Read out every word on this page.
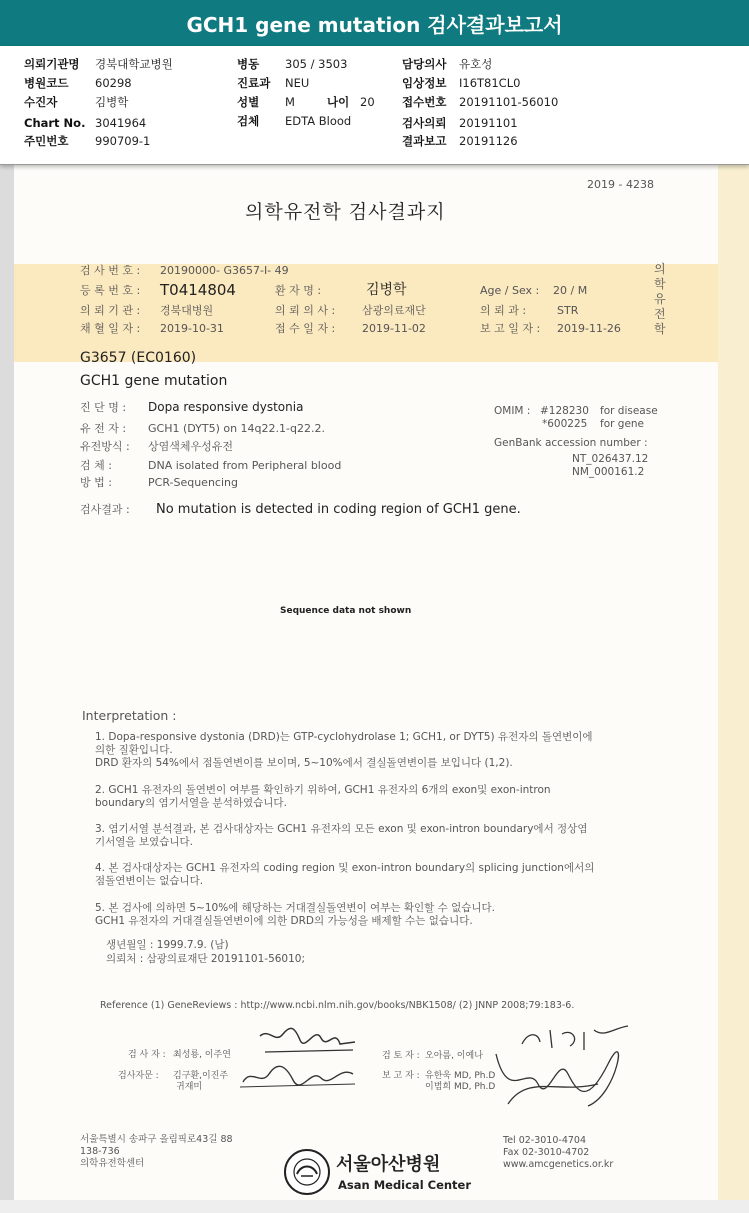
GCH1 gene mutation 검사결과보고서
의뢰기관명 경북대학교병원
병원코드 60298
수진자	김병학
Chart No. 3041964
주민번호 990709-1
병동 305 / 3503
진료과 NEU
성별 M	나이 20
검체 EDTA Blood
담당의사 유호성
임상정보 I16T81CL0
접수번호 20191101-56010
검사의뢰 20191101
결과보고 20191126
2019 - 4238
의학유전학 검사결과지
의학유전학
검 사 번 호 : 20190000- G3657-I- 49
등 록 번 호 : T0414804	환 자 명 :	김병학	Age / Sex : 20 / M
의 뢰 기 관 : 경북대병원	의 뢰 의 사 : 삼광의료재단	의 뢰 과 :	STR
채 혈 일 자 : 2019-10-31	접 수 일 자 : 2019-11-02	보 고 일 자 : 2019-11-26
G3657 (EC0160)
GCH1 gene mutation
진 단 명 : Dopa responsive dystonia
유 전 자 : GCH1 (DYT5) on 14q22.1-q22.2.
유전방식 : 상염색체우성유전
검 체 :	DNA isolated from Peripheral blood
방 법 :	PCR-Sequencing
OMIM : #128230 for disease
*600225 for gene
GenBank accession number :
NT_026437.12
NM_000161.2
검사결과 : No mutation is detected in coding region of GCH1 gene.
Sequence data not shown
Interpretation :
1. Dopa-responsive dystonia (DRD)는 GTP-cyclohydrolase 1; GCH1, or DYT5) 유전자의 돌연변이에
의한 질환입니다.
DRD 환자의 54%에서 점돌연변이를 보이며, 5~10%에서 결실돌연변이를 보입니다 (1,2).
2. GCH1 유전자의 돌연변이 여부를 확인하기 위하여, GCH1 유전자의 6개의 exon및 exon-intron
boundary의 염기서열을 분석하였습니다.
3. 염기서열 분석결과, 본 검사대상자는 GCH1 유전자의 모든 exon 및 exon-intron boundary에서 정상염
기서열을 보였습니다.
4. 본 검사대상자는 GCH1 유전자의 coding region 및 exon-intron boundary의 splicing junction에서의
점돌연변이는 없습니다.
5. 본 검사에 의하면 5~10%에 해당하는 거대결실돌연변이 여부는 확인할 수 없습니다.
GCH1 유전자의 거대결실돌연변이에 의한 DRD의 가능성을 배제할 수는 없습니다.
생년월일 : 1999.7.9. (남)
의뢰처 : 삼광의료재단 20191101-56010;
Reference (1) GeneReviews : http://www.ncbi.nlm.nih.gov/books/NBK1508/ (2) JNNP 2008;79:183-6.
검 사 자 : 최성룡, 이주연	검 토 자 : 오아름, 이예나
검사자문 : 김구환,이진주
귀재미
보 고 자 : 유한욱 MD, Ph.D
이범희 MD, Ph.D
서울특별시 송파구 올림픽로43길 88
138-736
의학유전학센터
Tel 02-3010-4704
Fax 02-3010-4702
www.amcgenetics.or.kr
서울아산병원
Asan Medical Center
